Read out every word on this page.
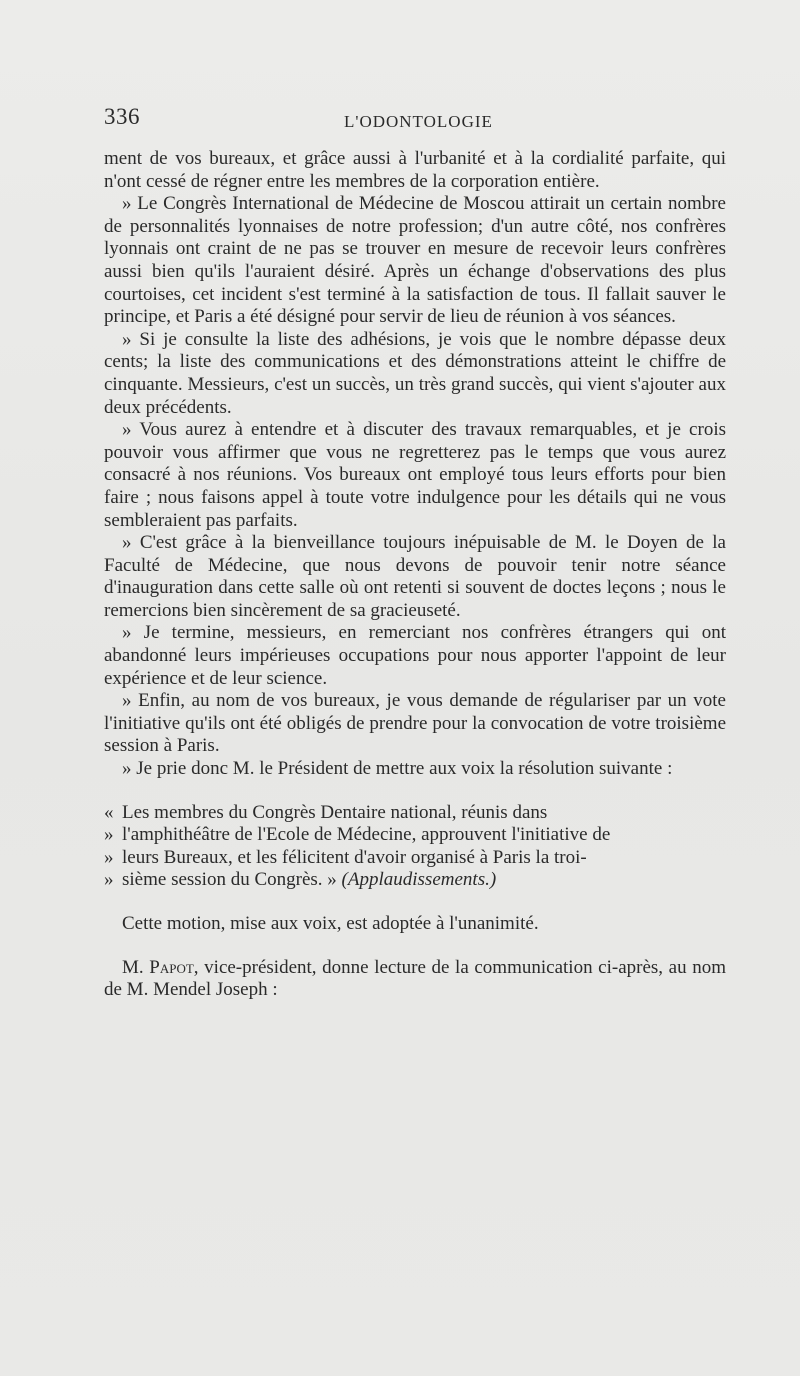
336	L'ODONTOLOGIE

ment de vos bureaux, et grâce aussi à l'urbanité et à la cordialité parfaite, qui n'ont cessé de régner entre les membres de la corporation entière.

» Le Congrès International de Médecine de Moscou attirait un certain nombre de personnalités lyonnaises de notre profession; d'un autre côté, nos confrères lyonnais ont craint de ne pas se trouver en mesure de recevoir leurs confrères aussi bien qu'ils l'auraient désiré. Après un échange d'observations des plus courtoises, cet incident s'est terminé à la satisfaction de tous. Il fallait sauver le principe, et Paris a été désigné pour servir de lieu de réunion à vos séances.

» Si je consulte la liste des adhésions, je vois que le nombre dépasse deux cents; la liste des communications et des démonstrations atteint le chiffre de cinquante. Messieurs, c'est un succès, un très grand succès, qui vient s'ajouter aux deux précédents.

» Vous aurez à entendre et à discuter des travaux remarquables, et je crois pouvoir vous affirmer que vous ne regretterez pas le temps que vous aurez consacré à nos réunions. Vos bureaux ont employé tous leurs efforts pour bien faire ; nous faisons appel à toute votre indulgence pour les détails qui ne vous sembleraient pas parfaits.

» C'est grâce à la bienveillance toujours inépuisable de M. le Doyen de la Faculté de Médecine, que nous devons de pouvoir tenir notre séance d'inauguration dans cette salle où ont retenti si souvent de doctes leçons ; nous le remercions bien sincèrement de sa gracieuseté.

» Je termine, messieurs, en remerciant nos confrères étrangers qui ont abandonné leurs impérieuses occupations pour nous apporter l'appoint de leur expérience et de leur science.

» Enfin, au nom de vos bureaux, je vous demande de régulariser par un vote l'initiative qu'ils ont été obligés de prendre pour la convocation de votre troisième session à Paris.

» Je prie donc M. le Président de mettre aux voix la résolution suivante :

« Les membres du Congrès Dentaire national, réunis dans

» l'amphithéâtre de l'Ecole de Médecine, approuvent l'initiative de

» leurs Bureaux, et les félicitent d'avoir organisé à Paris la troi-

» sième session du Congrès. » (Applaudissements.)

Cette motion, mise aux voix, est adoptée à l'unanimité.

M. Papot, vice-président, donne lecture de la communication ci-après, au nom de M. Mendel Joseph :
